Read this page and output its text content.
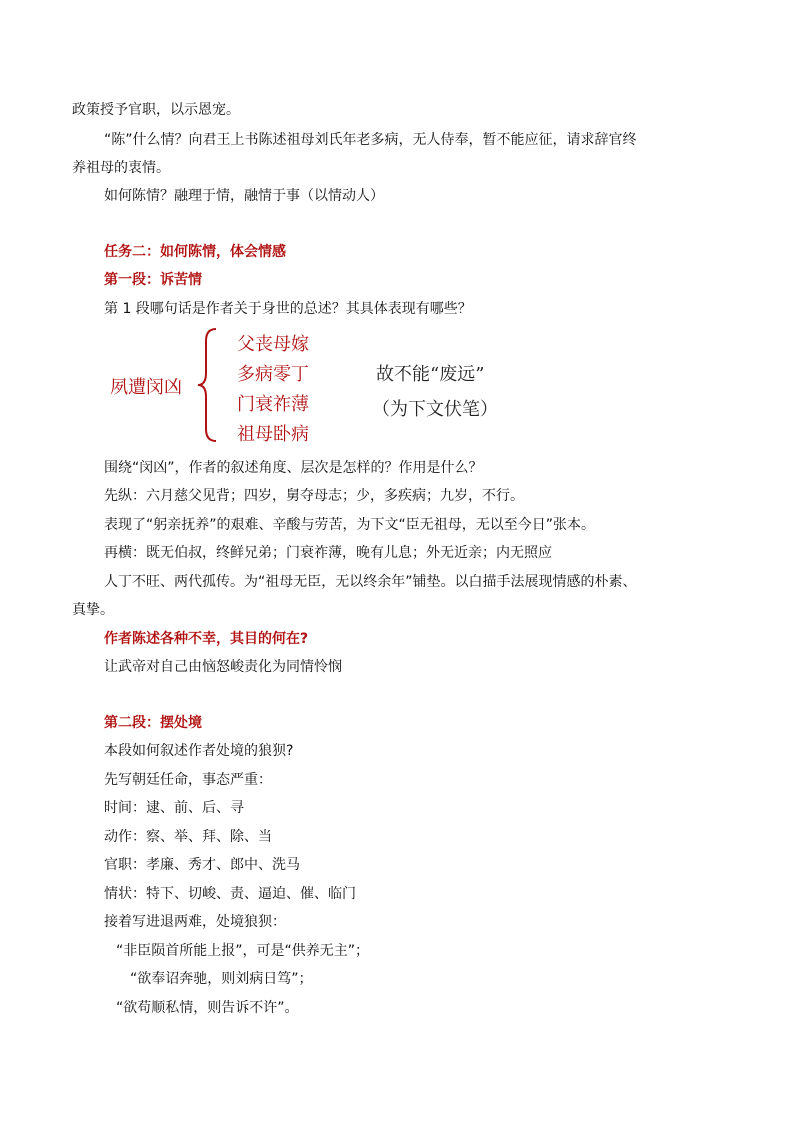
政策授予官职，以示恩宠。
“陈”什么情？向君王上书陈述祖母刘氏年老多病，无人侍奉，暂不能应征，请求辞官终
养祖母的衷情。
如何陈情？融理于情，融情于事（以情动人）
任务二：如何陈情，体会情感
第一段：诉苦情
第 1 段哪句话是作者关于身世的总述？其具体表现有哪些？
夙遭闵凶
父丧母嫁
多病零丁
门衰祚薄
祖母卧病
故不能“废远”
（为下文伏笔）
围绕“闵凶”，作者的叙述角度、层次是怎样的？作用是什么？
先纵：六月慈父见背；四岁，舅夺母志；少，多疾病；九岁，不行。
表现了“躬亲抚养”的艰难、辛酸与劳苦，为下文“臣无祖母，无以至今日”张本。
再横：既无伯叔，终鲜兄弟；门衰祚薄，晚有儿息；外无近亲；内无照应
人丁不旺、两代孤传。为“祖母无臣，无以终余年”铺垫。以白描手法展现情感的朴素、
真挚。
作者陈述各种不幸，其目的何在?
让武帝对自己由恼怒峻责化为同情怜悯
第二段：摆处境
本段如何叙述作者处境的狼狈?
先写朝廷任命，事态严重：
时间：逮、前、后、寻
动作：察、举、拜、除、当
官职：孝廉、秀才、郎中、洗马
情状：特下、切峻、责、逼迫、催、临门
接着写进退两难，处境狼狈：
“非臣陨首所能上报”，可是“供养无主”；
“欲奉诏奔驰，则刘病日笃”；
“欲苟顺私情，则告诉不许”。
